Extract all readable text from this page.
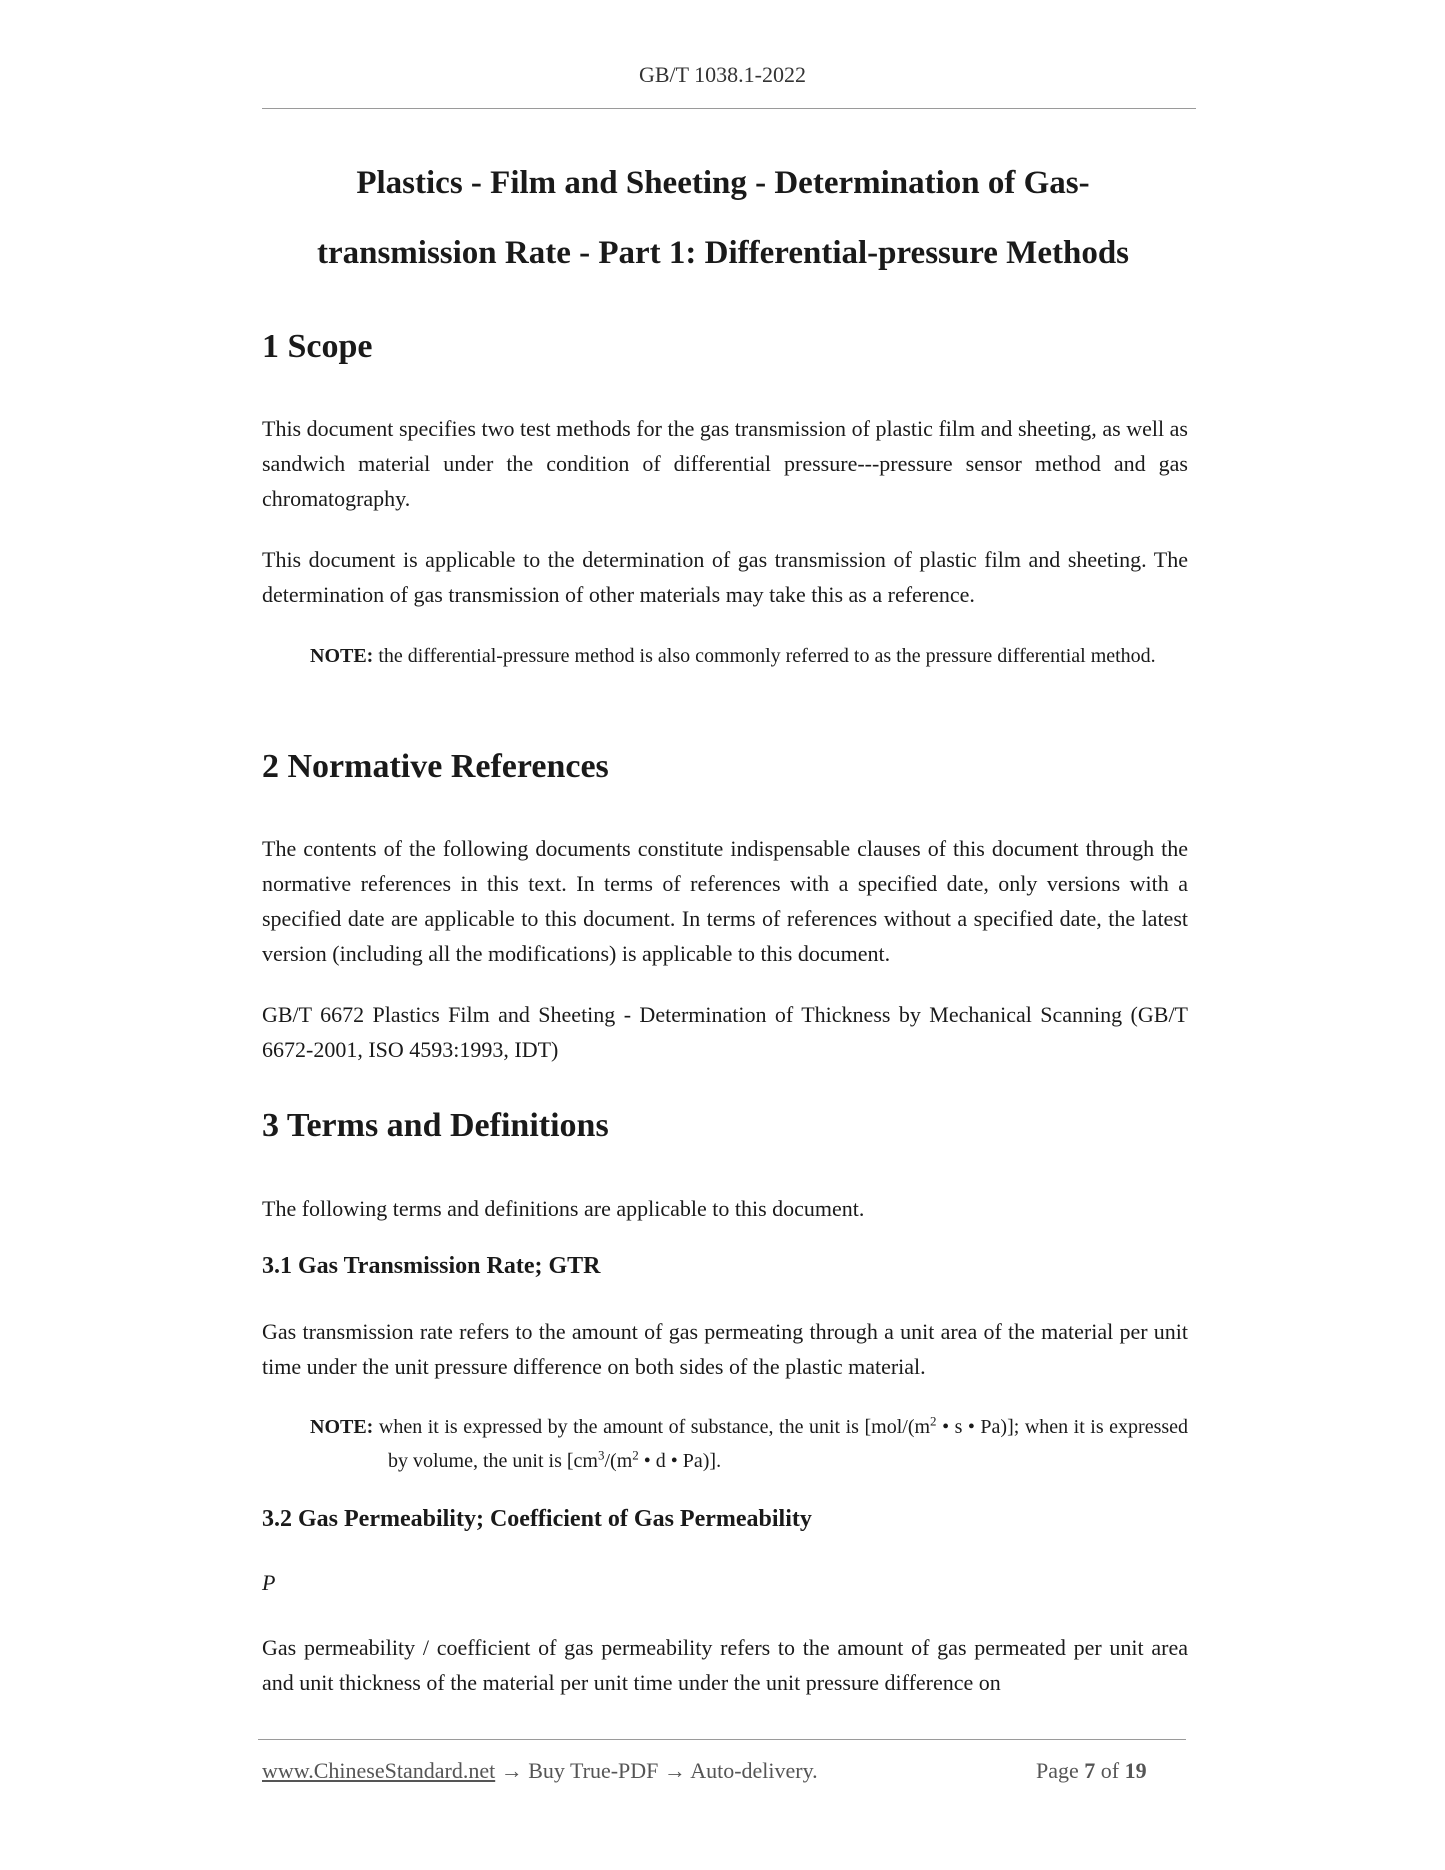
GB/T 1038.1-2022
Plastics - Film and Sheeting - Determination of Gas-
transmission Rate - Part 1: Differential-pressure Methods
1 Scope
This document specifies two test methods for the gas transmission of plastic film and sheeting, as well as sandwich material under the condition of differential pressure---pressure sensor method and gas chromatography.
This document is applicable to the determination of gas transmission of plastic film and sheeting. The determination of gas transmission of other materials may take this as a reference.
NOTE: the differential-pressure method is also commonly referred to as the pressure differential method.
2 Normative References
The contents of the following documents constitute indispensable clauses of this document through the normative references in this text. In terms of references with a specified date, only versions with a specified date are applicable to this document. In terms of references without a specified date, the latest version (including all the modifications) is applicable to this document.
GB/T 6672 Plastics Film and Sheeting - Determination of Thickness by Mechanical Scanning (GB/T 6672-2001, ISO 4593:1993, IDT)
3 Terms and Definitions
The following terms and definitions are applicable to this document.
3.1 Gas Transmission Rate; GTR
Gas transmission rate refers to the amount of gas permeating through a unit area of the material per unit time under the unit pressure difference on both sides of the plastic material.
NOTE: when it is expressed by the amount of substance, the unit is [$mol/(m^2$ • s • Pa)]; when it is expressed by volume, the unit is [$cm^3/(m^2$ • d • Pa)].
3.2 Gas Permeability; Coefficient of Gas Permeability
P
Gas permeability / coefficient of gas permeability refers to the amount of gas permeated per unit area and unit thickness of the material per unit time under the unit pressure difference on
www.ChineseStandard.net → Buy True-PDF → Auto-delivery.	Page 7 of 19
